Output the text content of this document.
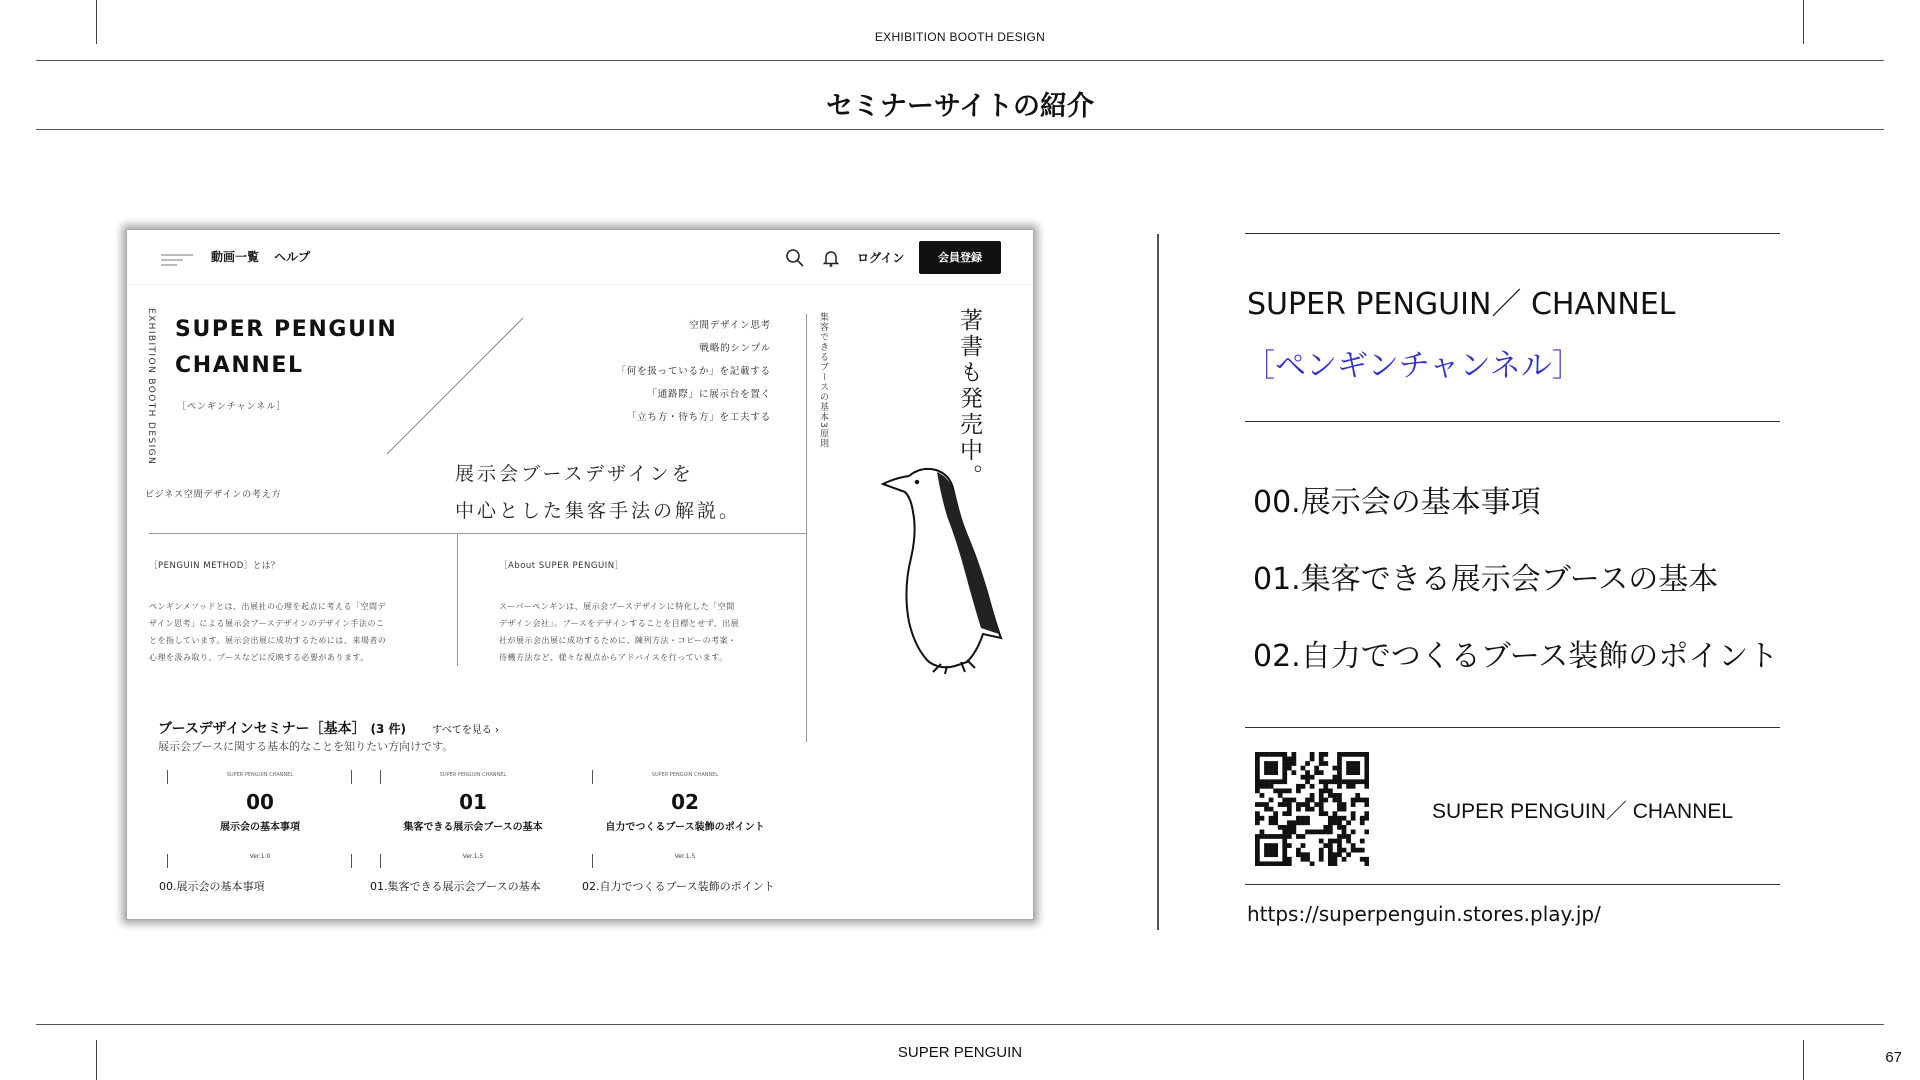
EXHIBITION BOOTH DESIGN
セミナーサイトの紹介
SUPER PENGUIN	67
動画一覧 ヘルプ	ログイン	会員登録
EXHIBITION BOOTH DESIGN SUPER PENGUIN
CHANNEL
［ペンギンチャンネル］
ビジネス空間デザインの考え方
空間デザイン思考
戦略的シンプル
「何を扱っているか」を記載する
「通路際」に展示台を置く
「立ち方・待ち方」を工夫する
展示会ブースデザインを
中心とした集客手法の解説。
集客できるブースの基本3原則	著書も発売中。
［PENGUIN METHOD］とは？
ペンギンメソッドとは、出展社の心理を起点に考える「空間デ
ザイン思考」による展示会ブースデザインのデザイン手法のこ
とを指しています。展示会出展に成功するためには、来場者の
心理を汲み取り、ブースなどに反映する必要があります。
［About SUPER PENGUIN］
スーパーペンギンは、展示会ブースデザインに特化した「空間
デザイン会社」。ブースをデザインすることを目標とせず、出展
社が展示会出展に成功するために、陳列方法・コピーの考案・
待機方法など、様々な視点からアドバイスを行っています。
ブースデザインセミナー［基本］ (3 件)	すべてを見る ›
展示会ブースに関する基本的なことを知りたい方向けです。
SUPER PENGUIN CHANNEL
00
展示会の基本事項
Ver.1.0
SUPER PENGUIN CHANNEL
01
集客できる展示会ブースの基本
Ver.1.5
SUPER PENGUIN CHANNEL
02
自力でつくるブース装飾のポイント
Ver.1.5
00.展示会の基本事項	01.集客できる展示会ブースの基本	02.自力でつくるブース装飾のポイント
SUPER PENGUIN／ CHANNEL
［ペンギンチャンネル］
00.展示会の基本事項
01.集客できる展示会ブースの基本
02.自力でつくるブース装飾のポイント
SUPER PENGUIN／ CHANNEL
https://superpenguin.stores.play.jp/
